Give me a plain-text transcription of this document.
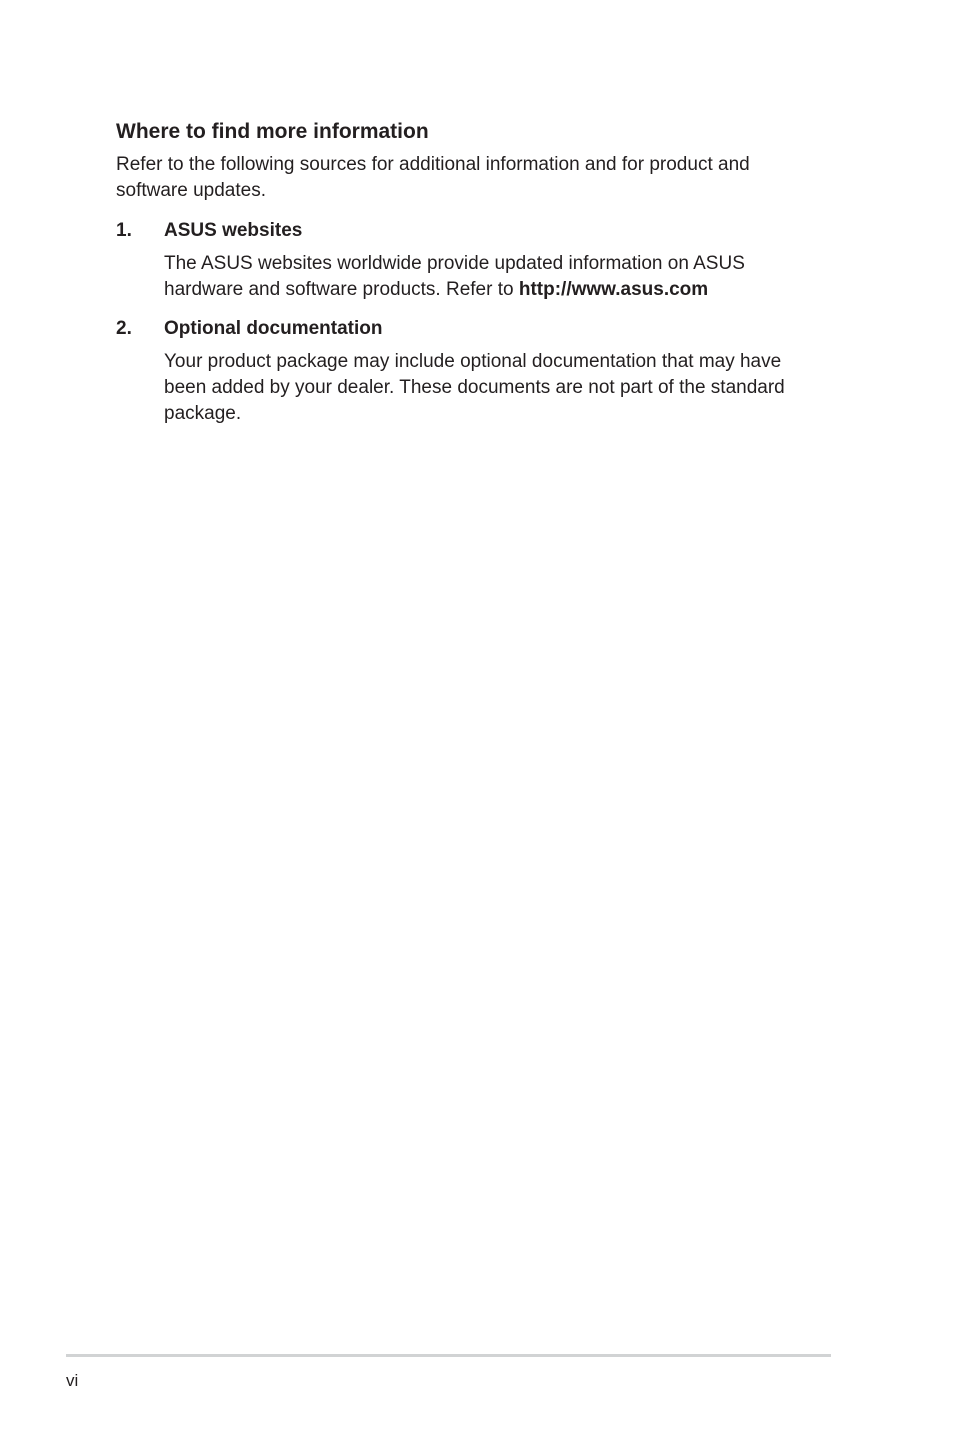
Where to find more information

Refer to the following sources for additional information and for product and software updates.

1. ASUS websites

The ASUS websites worldwide provide updated information on ASUS hardware and software products. Refer to http://www.asus.com

2. Optional documentation

Your product package may include optional documentation that may have been added by your dealer. These documents are not part of the standard package.

vi
